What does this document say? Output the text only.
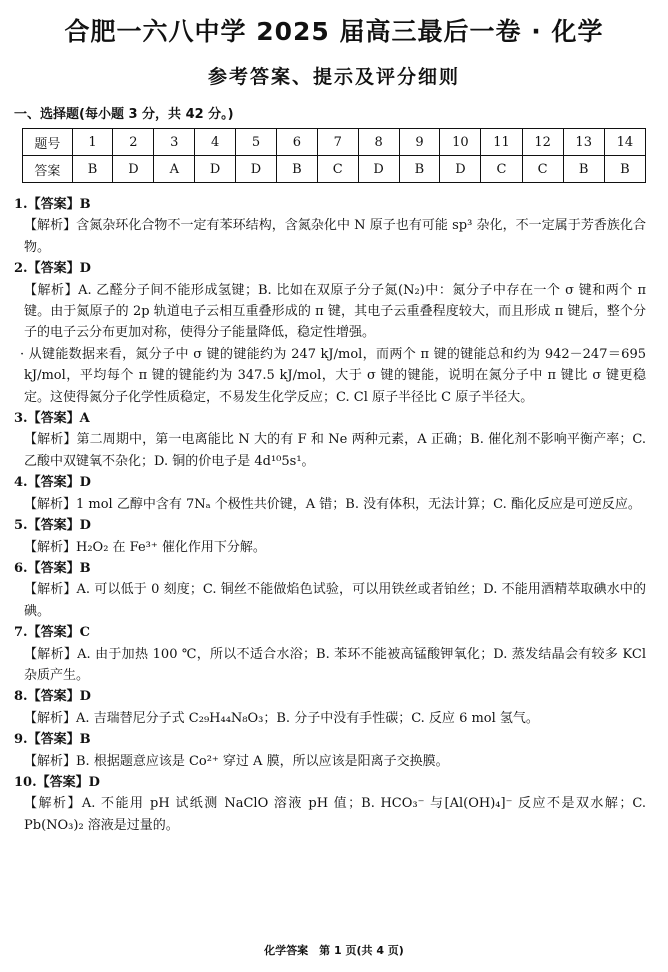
合肥一六八中学 2025 届高三最后一卷 · 化学
参考答案、提示及评分细则
一、选择题(每小题 3 分，共 42 分。)
题号	1	2	3	4	5	6	7	8	9	10	11	12	13	14
答案	B	D	A	D	D	B	C	D	B	D	C	C	B	B

1.【答案】B

【解析】含氮杂环化合物不一定有苯环结构，含氮杂化中 N 原子也有可能 sp³ 杂化，不一定属于芳香族化合物。

2.【答案】D

【解析】A. 乙醛分子间不能形成氢键；B. 比如在双原子分子氮(N₂)中：氮分子中存在一个 σ 键和两个 π 键。由于氮原子的 2p 轨道电子云相互重叠形成的 π 键，其电子云重叠程度较大，而且形成 π 键后，整个分子的电子云分布更加对称，使得分子能量降低，稳定性增强。

· 从键能数据来看，氮分子中 σ 键的键能约为 247 kJ/mol，而两个 π 键的键能总和约为 942－247＝695 kJ/mol，平均每个 π 键的键能约为 347.5 kJ/mol，大于 σ 键的键能，说明在氮分子中 π 键比 σ 键更稳定。这使得氮分子化学性质稳定，不易发生化学反应；C. Cl 原子半径比 C 原子半径大。

3.【答案】A

【解析】第二周期中，第一电离能比 N 大的有 F 和 Ne 两种元素，A 正确；B. 催化剂不影响平衡产率；C. 乙酸中双键氧不杂化；D. 铜的价电子是 4d¹⁰5s¹。

4.【答案】D

【解析】1 mol 乙醇中含有 7Nₐ 个极性共价键，A 错；B. 没有体积，无法计算；C. 酯化反应是可逆反应。

5.【答案】D

【解析】H₂O₂ 在 Fe³⁺ 催化作用下分解。

6.【答案】B

【解析】A. 可以低于 0 刻度；C. 铜丝不能做焰色试验，可以用铁丝或者铂丝；D. 不能用酒精萃取碘水中的碘。

7.【答案】C

【解析】A. 由于加热 100 ℃，所以不适合水浴；B. 苯环不能被高锰酸钾氧化；D. 蒸发结晶会有较多 KCl 杂质产生。

8.【答案】D

【解析】A. 吉瑞替尼分子式 C₂₉H₄₄N₈O₃；B. 分子中没有手性碳；C. 反应 6 mol 氢气。

9.【答案】B

【解析】B. 根据题意应该是 Co²⁺ 穿过 A 膜，所以应该是阳离子交换膜。

10.【答案】D

【解析】A. 不能用 pH 试纸测 NaClO 溶液 pH 值；B. HCO₃⁻ 与[Al(OH)₄]⁻ 反应不是双水解；C. Pb(NO₃)₂ 溶液是过量的。

化学答案　第 1 页(共 4 页)
